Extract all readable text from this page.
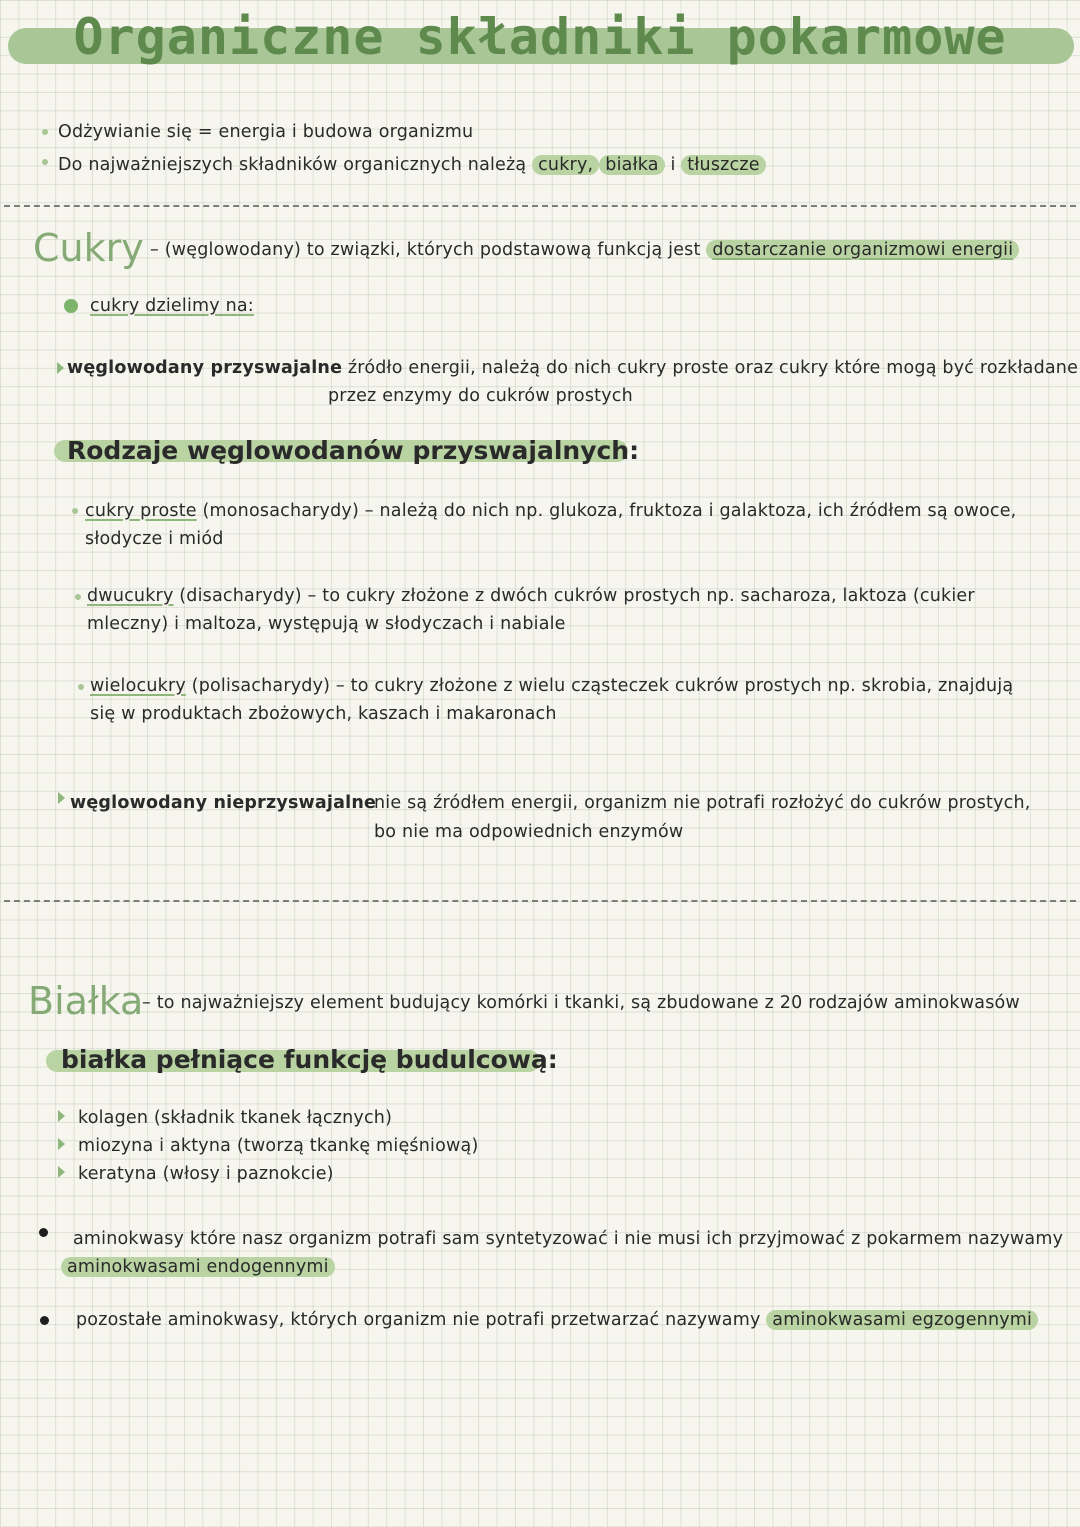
Organiczne składniki pokarmowe
Odżywianie się = energia i budowa organizmu
Do najważniejszych składników organicznych należą cukry, białka i tłuszcze
Cukry – (węglowodany) to związki, których podstawową funkcją jest dostarczanie organizmowi energii
cukry dzielimy na:
węglowodany przyswajalne źródło energii, należą do nich cukry proste oraz cukry które mogą być rozkładane
przez enzymy do cukrów prostych
Rodzaje węglowodanów przyswajalnych:
cukry proste (monosacharydy) – należą do nich np. glukoza, fruktoza i galaktoza, ich źródłem są owoce,
słodycze i miód
dwucukry (disacharydy) – to cukry złożone z dwóch cukrów prostych np. sacharoza, laktoza (cukier
mleczny) i maltoza, występują w słodyczach i nabiale
wielocukry (polisacharydy) – to cukry złożone z wielu cząsteczek cukrów prostych np. skrobia, znajdują
się w produktach zbożowych, kaszach i makaronach
węglowodany nieprzyswajalne
nie są źródłem energii, organizm nie potrafi rozłożyć do cukrów prostych,
bo nie ma odpowiednich enzymów
Białka
– to najważniejszy element budujący komórki i tkanki, są zbudowane z 20 rodzajów aminokwasów
białka pełniące funkcję budulcową:
kolagen (składnik tkanek łącznych)
miozyna i aktyna (tworzą tkankę mięśniową)
keratyna (włosy i paznokcie)
aminokwasy które nasz organizm potrafi sam syntetyzować i nie musi ich przyjmować z pokarmem nazywamy
aminokwasami endogennymi
pozostałe aminokwasy, których organizm nie potrafi przetwarzać nazywamy aminokwasami egzogennymi
